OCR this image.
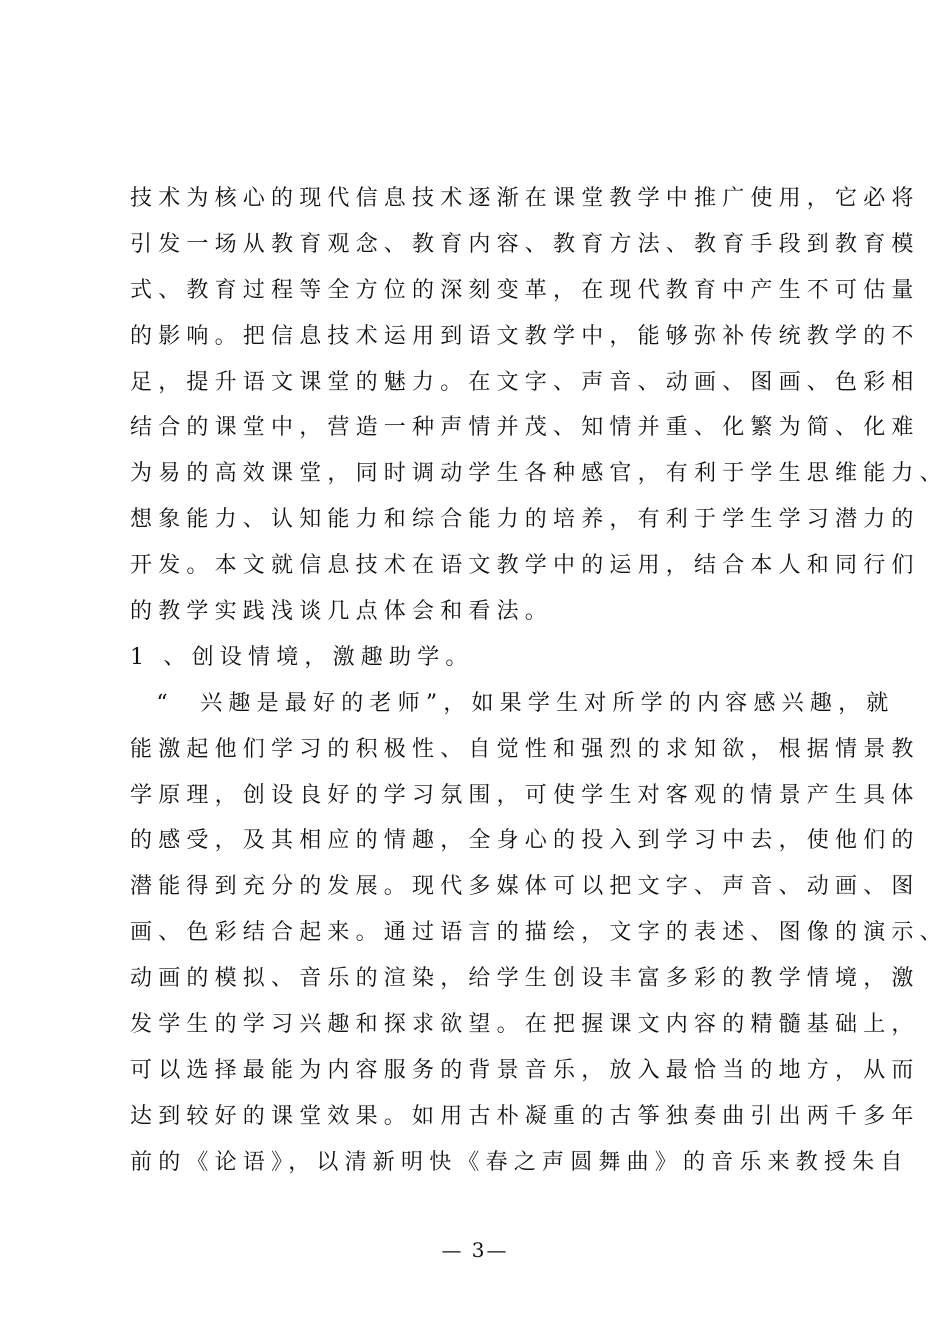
技术为核心的现代信息技术逐渐在课堂教学中推广使用，它必将
引发一场从教育观念、教育内容、教育方法、教育手段到教育模
式、教育过程等全方位的深刻变革，在现代教育中产生不可估量
的影响。把信息技术运用到语文教学中，能够弥补传统教学的不
足，提升语文课堂的魅力。在文字、声音、动画、图画、色彩相
结合的课堂中，营造一种声情并茂、知情并重、化繁为简、化难
为易的高效课堂，同时调动学生各种感官，有利于学生思维能力、
想象能力、认知能力和综合能力的培养，有利于学生学习潜力的
开发。本文就信息技术在语文教学中的运用，结合本人和同行们
的教学实践浅谈几点体会和看法。
1 、创设情境，激趣助学。
“  兴趣是最好的老师”，如果学生对所学的内容感兴趣，就
能激起他们学习的积极性、自觉性和强烈的求知欲，根据情景教
学原理，创设良好的学习氛围，可使学生对客观的情景产生具体
的感受，及其相应的情趣，全身心的投入到学习中去，使他们的
潜能得到充分的发展。现代多媒体可以把文字、声音、动画、图
画、色彩结合起来。通过语言的描绘，文字的表述、图像的演示、
动画的模拟、音乐的渲染，给学生创设丰富多彩的教学情境，激
发学生的学习兴趣和探求欲望。在把握课文内容的精髓基础上，
可以选择最能为内容服务的背景音乐，放入最恰当的地方，从而
达到较好的课堂效果。如用古朴凝重的古筝独奏曲引出两千多年
前的《论语》，以清新明快《春之声圆舞曲》的音乐来教授朱自
— 3—
